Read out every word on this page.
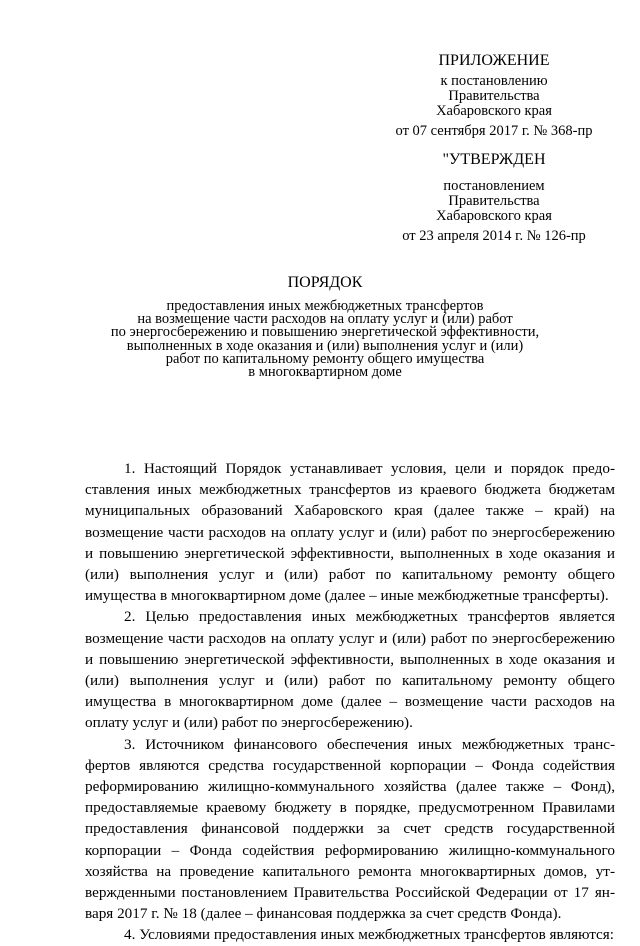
ПРИЛОЖЕНИЕ
к постановлению
Правительства
Хабаровского края
от 07 сентября 2017 г. № 368-пр
"УТВЕРЖДЕН
постановлением
Правительства
Хабаровского края
от 23 апреля 2014 г. № 126-пр
ПОРЯДОК
предоставления иных межбюджетных трансфертов
на возмещение части расходов на оплату услуг и (или) работ
по энергосбережению и повышению энергетической эффективности,
выполненных в ходе оказания и (или) выполнения услуг и (или)
работ по капитальному ремонту общего имущества
в многоквартирном доме

1. Настоящий Порядок устанавливает условия, цели и порядок предоставления иных межбюджетных трансфертов из краевого бюджета бюджетам муниципальных образований Хабаровского края (далее также – край) на возмещение части расходов на оплату услуг и (или) работ по энергосбережению и повышению энергетической эффективности, выполненных в ходе оказания и (или) выполнения услуг и (или) работ по капитальному ремонту общего имущества в многоквартирном доме (далее – иные межбюджетные трансферты).

2. Целью предоставления иных межбюджетных трансфертов является возмещение части расходов на оплату услуг и (или) работ по энергосбережению и повышению энергетической эффективности, выполненных в ходе оказания и (или) выполнения услуг и (или) работ по капитальному ремонту общего имущества в многоквартирном доме (далее – возмещение части расходов на оплату услуг и (или) работ по энергосбережению).

3. Источником финансового обеспечения иных межбюджетных трансфертов являются средства государственной корпорации – Фонда содействия реформированию жилищно-коммунального хозяйства (далее также – Фонд), предоставляемые краевому бюджету в порядке, предусмотренном Правилами предоставления финансовой поддержки за счет средств государственной корпорации – Фонда содействия реформированию жилищно-коммунального хозяйства на проведение капитального ремонта многоквартирных домов, утвержденными постановлением Правительства Российской Федерации от 17 января 2017 г. № 18 (далее – финансовая поддержка за счет средств Фонда).

4. Условиями предоставления иных межбюджетных трансфертов являются:
